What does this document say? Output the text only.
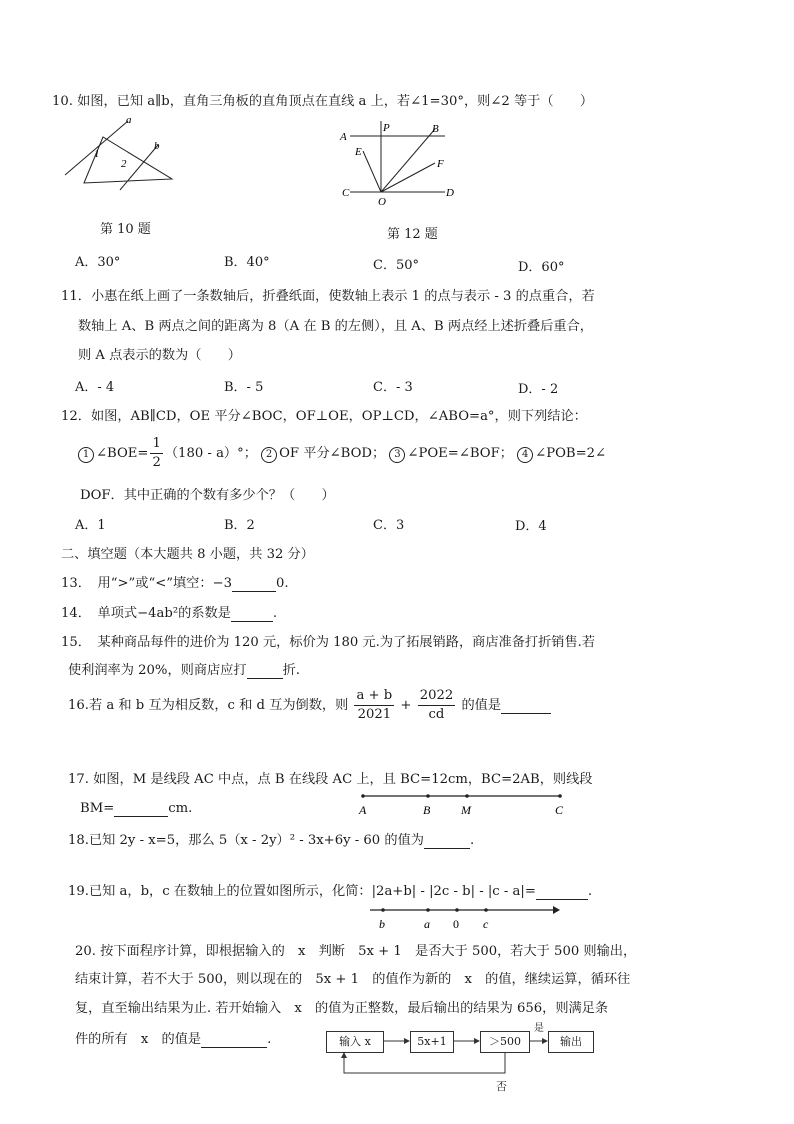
10. 如图，已知 a∥b，直角三角板的直角顶点在直线 a 上，若∠1=30°，则∠2 等于（　　）
a
b
1
2
第 10 题
A
P	B
E
F
C
O
D
第 12 题
A．30°	B．40°	C．50°	D．60°
11．小惠在纸上画了一条数轴后，折叠纸面，使数轴上表示 1 的点与表示 - 3 的点重合，若
数轴上 A、B 两点之间的距离为 8（A 在 B 的左侧），且 A、B 两点经上述折叠后重合，
则 A 点表示的数为（　　）
A．- 4	B．- 5	C．- 3	D．- 2
12．如图，AB∥CD，OE 平分∠BOC，OF⊥OE，OP⊥CD，∠ABO=a°，则下列结论：
1 ∠BOE= $\frac{1}{2} (180 - a)^\circ$； 2 OF 平分∠BOD； 3 ∠POE=∠BOF； 4 ∠POB=2∠
DOF．其中正确的个数有多少个？（　　）
A．1	B．2	C．3	D．4
二、填空题（本大题共 8 小题，共 32 分）
13．　用“>”或“<”填空：−3	0.
14．　单项式−4ab²的系数是	.
15．　某种商品每件的进价为 120 元，标价为 180 元.为了拓展销路，商店准备打折销售.若
使利润率为 20%，则商店应打	折.
16.若 a 和 b 互为相反数，c 和 d 互为倒数，则 $\frac{a + b}{2021} + \frac{2022}{cd}$ 的值是
17. 如图，M 是线段 AC 中点，点 B 在线段 AC 上，且 BC=12cm，BC=2AB，则线段
BM=	cm.	A	B	M	C
18.已知 2y - x=5，那么 5（x - 2y）² - 3x+6y - 60 的值为	.
19.已知 a，b，c 在数轴上的位置如图所示，化简：|2a+b| - |2c - b| - |c - a|=	.
b	a 0 c
20. 按下面程序计算，即根据输入的　x　判断　5x + 1　是否大于 500，若大于 500 则输出，
结束计算，若不大于 500，则以现在的　5x + 1　的值作为新的　x　的值，继续运算，循环往
复，直至输出结果为止. 若开始输入　x　的值为正整数，最后输出的结果为 656，则满足条
件的所有　x　的值是	.	输入 x	5x+1	＞500
是
输出
否
